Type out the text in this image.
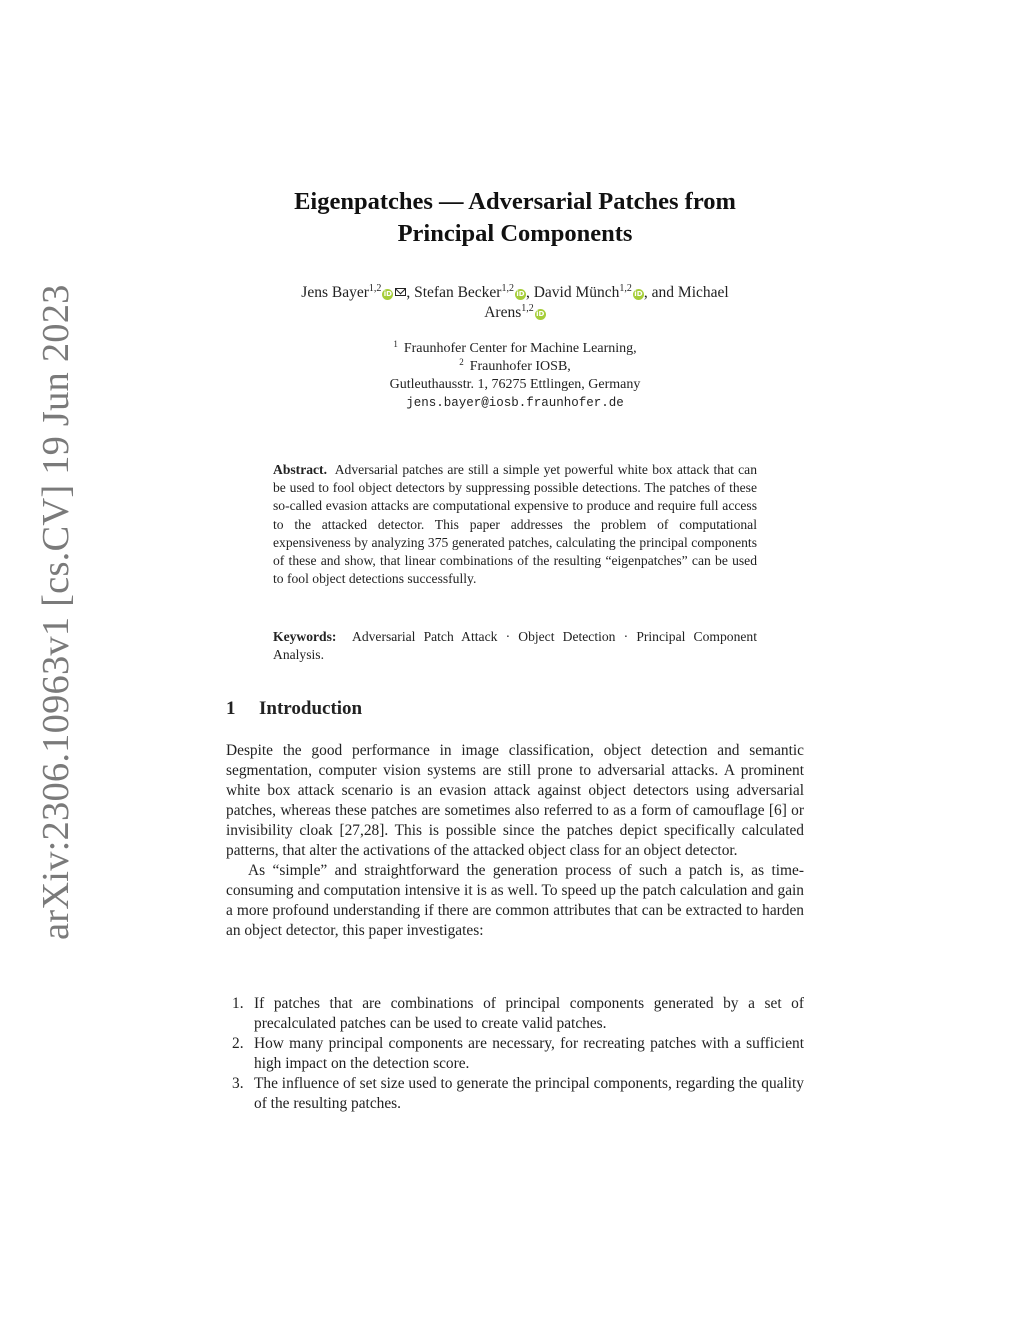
arXiv:2306.10963v1 [cs.CV] 19 Jun 2023
Eigenpatches — Adversarial Patches from
Principal Components
Jens Bayer$^{1,2}$ iD , Stefan Becker$^{1,2}$ iD, David Münch$^{1,2}$ iD, and Michael
Arens$^{1,2}$ iD
$^1$ Fraunhofer Center for Machine Learning,
$^2$ Fraunhofer IOSB,
Gutleuthausstr. 1, 76275 Ettlingen, Germany
jens.bayer@iosb.fraunhofer.de
Abstract. Adversarial patches are still a simple yet powerful white box attack that can be used to fool object detectors by suppressing possible detections. The patches of these so-called evasion attacks are computational expensive to produce and require full access to the attacked detector. This paper addresses the problem of computational expensiveness by analyzing 375 generated patches, calculating the principal components of these and show, that linear combinations of the resulting “eigenpatches” can be used to fool object detections successfully.
Keywords: Adversarial Patch Attack · Object Detection · Principal Component Analysis.
1 Introduction

Despite the good performance in image classification, object detection and semantic segmentation, computer vision systems are still prone to adversarial attacks. A prominent white box attack scenario is an evasion attack against object detectors using adversarial patches, whereas these patches are sometimes also referred to as a form of camouflage [6] or invisibility cloak [27,28]. This is possible since the patches depict specifically calculated patterns, that alter the activations of the attacked object class for an object detector.

As “simple” and straightforward the generation process of such a patch is, as time-consuming and computation intensive it is as well. To speed up the patch calculation and gain a more profound understanding if there are common attributes that can be extracted to harden an object detector, this paper investigates:

1. If patches that are combinations of principal components generated by a set of precalculated patches can be used to create valid patches.
2. How many principal components are necessary, for recreating patches with a sufficient high impact on the detection score.
3. The influence of set size used to generate the principal components, regarding the quality of the resulting patches.
